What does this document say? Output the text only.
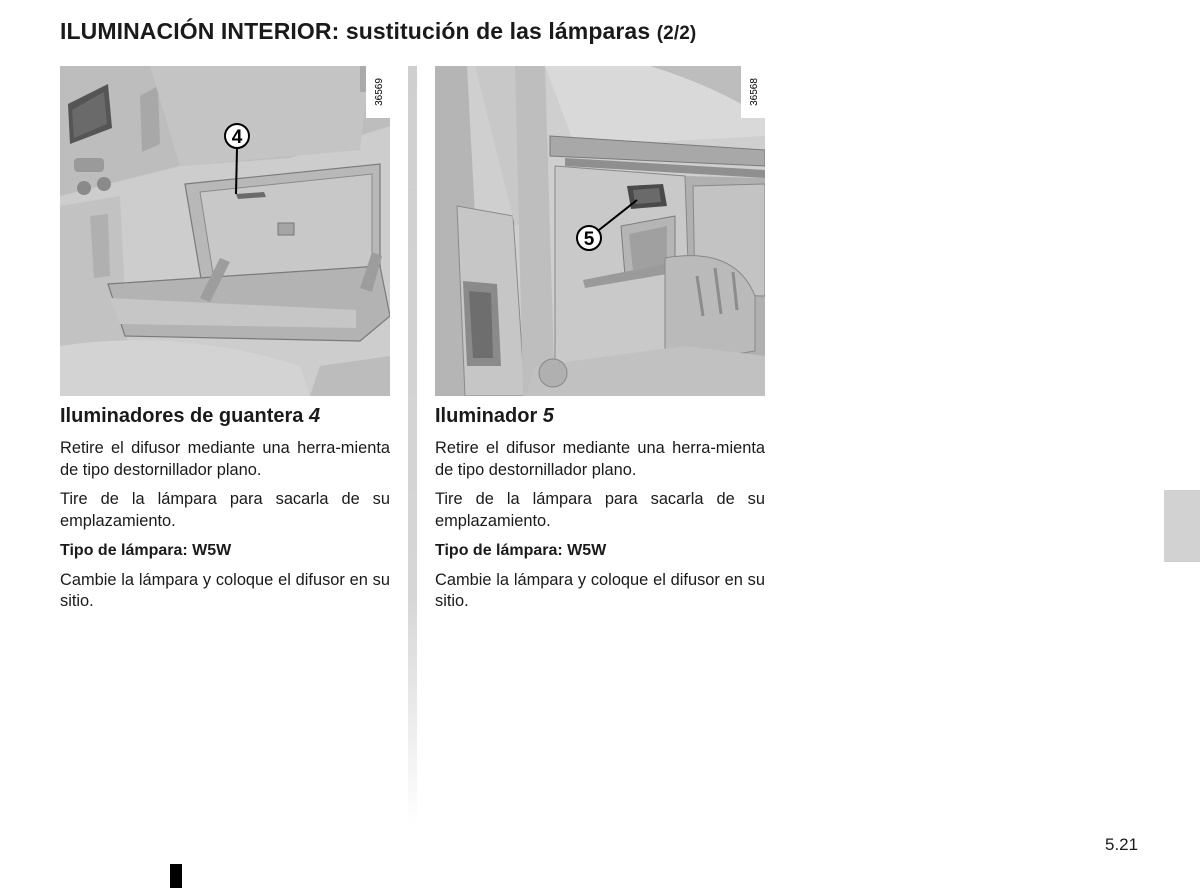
ILUMINACIÓN INTERIOR: sustitución de las lámparas (2/2)
4
36569
Iluminadores de guantera 4

Retire el difusor mediante una herra-mienta de tipo destornillador plano.

Tire de la lámpara para sacarla de su emplazamiento.

Tipo de lámpara: W5W

Cambie la lámpara y coloque el difusor en su sitio.

5
36568
Iluminador 5

Retire el difusor mediante una herra-mienta de tipo destornillador plano.

Tire de la lámpara para sacarla de su emplazamiento.

Tipo de lámpara: W5W

Cambie la lámpara y coloque el difusor en su sitio.

5.21
